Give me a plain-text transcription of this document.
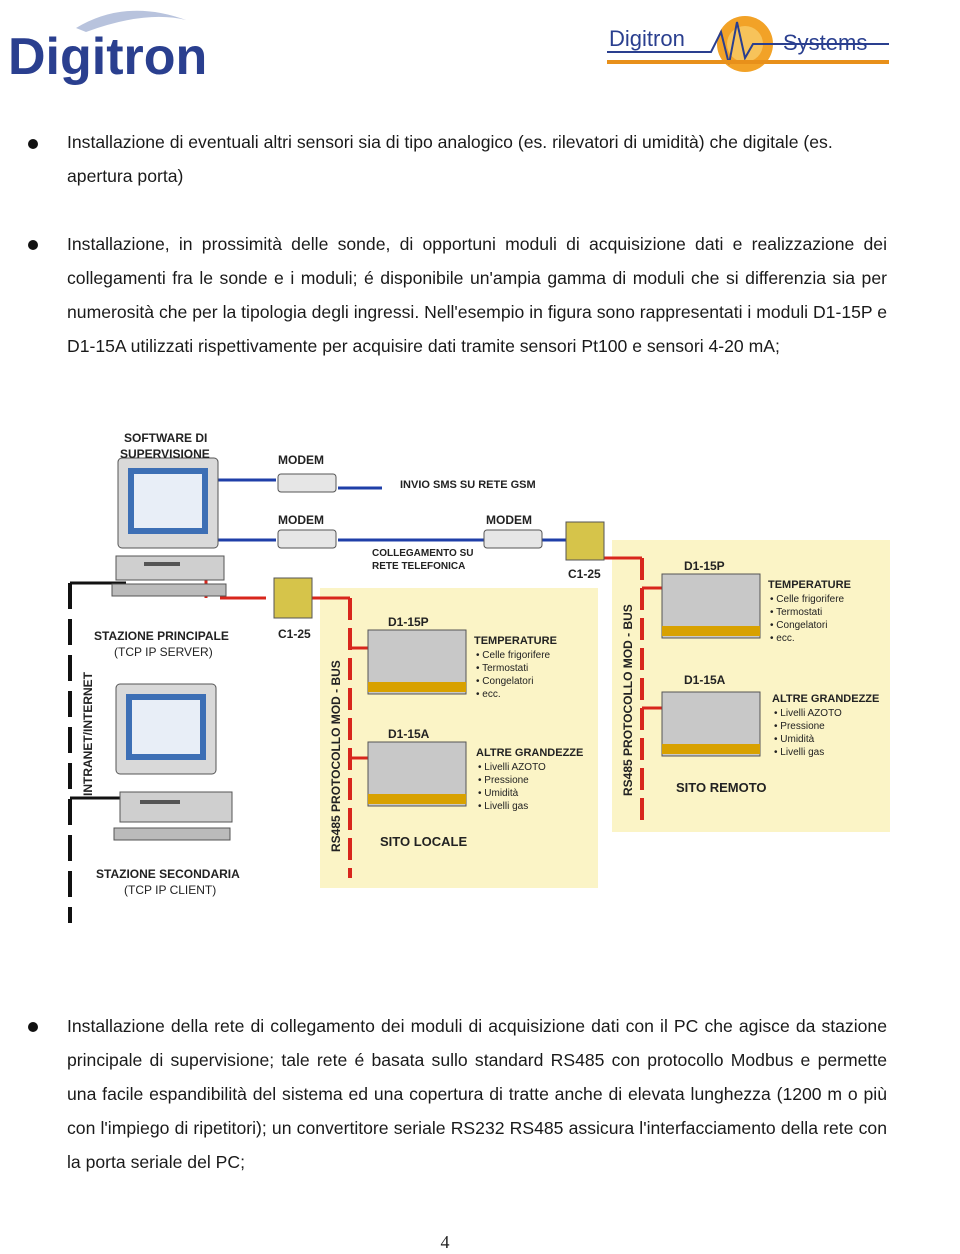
Digitron	Digitron	Systems
Installazione di eventuali altri sensori sia di tipo analogico (es. rilevatori di umidità) che digitale (es. apertura porta)
Installazione, in prossimità delle sonde, di opportuni moduli di acquisizione dati e realizzazione dei collegamenti fra le sonde e i moduli; é disponibile un'ampia gamma di moduli che si differenzia sia per numerosità che per la tipologia degli ingressi. Nell'esempio in figura sono rappresentati i moduli D1-15P e D1-15A utilizzati rispettivamente per acquisire dati tramite sensori Pt100 e sensori 4-20 mA;
SOFTWARE DI
SUPERVISIONE	MODEM
INVIO SMS SU RETE GSM
MODEM	MODEM
COLLEGAMENTO SU
RETE TELEFONICA
C1-25
C1-25
STAZIONE PRINCIPALE
(TCP IP SERVER)
INTRANET/INTERNET	RS485 PROTOCOLLO MOD - BUS	RS485 PROTOCOLLO MOD - BUS
D1-15P
D1-15A
D1-15P
D1-15A
TEMPERATURE
• Celle frigorifere
• Termostati
• Congelatori
• ecc.
ALTRE GRANDEZZE
• Livelli AZOTO
• Pressione
• Umidità
• Livelli gas
TEMPERATURE
• Celle frigorifere
• Termostati
• Congelatori
• ecc.
ALTRE GRANDEZZE
• Livelli AZOTO
• Pressione
• Umidità
• Livelli gas
SITO LOCALE
SITO REMOTO
STAZIONE SECONDARIA
(TCP IP CLIENT)
Installazione della rete di collegamento dei moduli di acquisizione dati con il PC che agisce da stazione principale di supervisione; tale rete é basata sullo standard RS485 con protocollo Modbus e permette una facile espandibilità del sistema ed una copertura di tratte anche di elevata lunghezza (1200 m o più con l'impiego di ripetitori); un convertitore seriale RS232 RS485 assicura l'interfacciamento della rete con la porta seriale del PC;
4
